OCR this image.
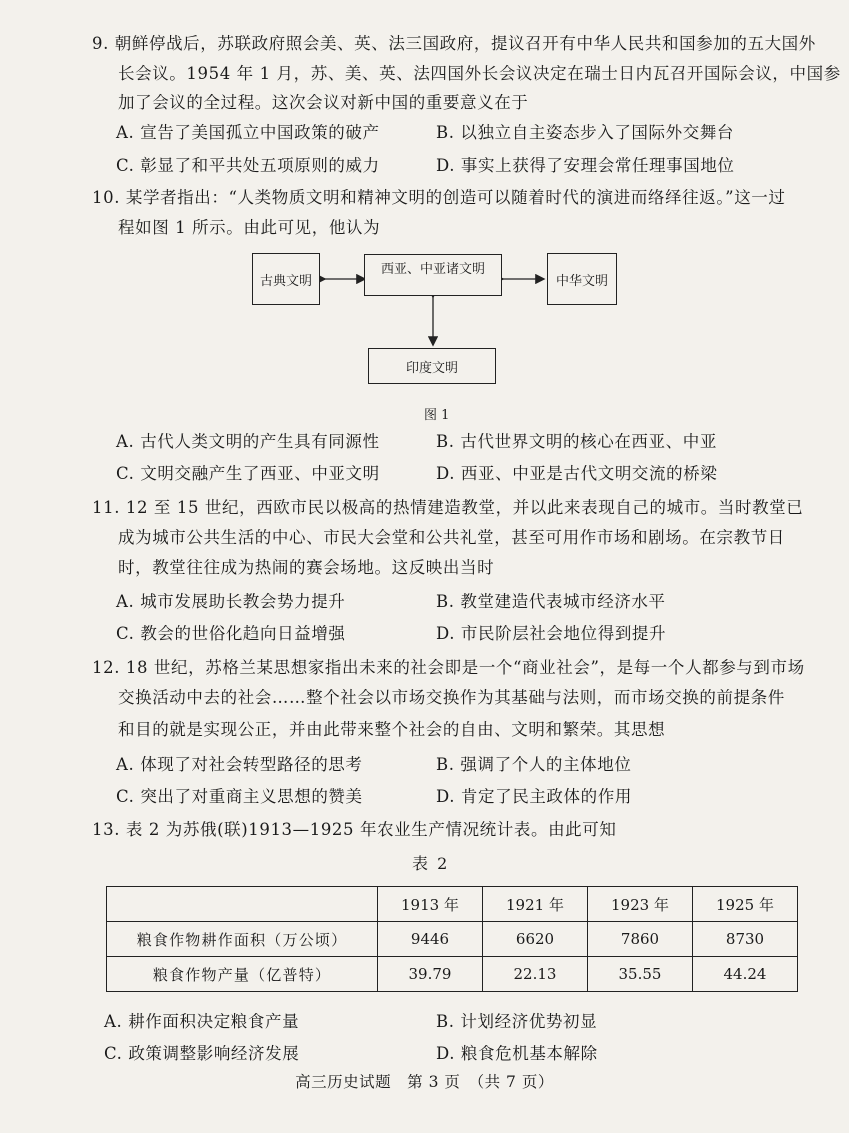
9. 朝鲜停战后，苏联政府照会美、英、法三国政府，提议召开有中华人民共和国参加的五大国外
长会议。1954 年 1 月，苏、美、英、法四国外长会议决定在瑞士日内瓦召开国际会议，中国参
加了会议的全过程。这次会议对新中国的重要意义在于
A. 宣告了美国孤立中国政策的破产	B. 以独立自主姿态步入了国际外交舞台
C. 彰显了和平共处五项原则的威力	D. 事实上获得了安理会常任理事国地位
10. 某学者指出：“人类物质文明和精神文明的创造可以随着时代的演进而络绎往返。”这一过
程如图 1 所示。由此可见，他认为
古典文明
西亚、中亚诸文明
中华文明
印度文明
图 1
A. 古代人类文明的产生具有同源性	B. 古代世界文明的核心在西亚、中亚
C. 文明交融产生了西亚、中亚文明	D. 西亚、中亚是古代文明交流的桥梁
11. 12 至 15 世纪，西欧市民以极高的热情建造教堂，并以此来表现自己的城市。当时教堂已
成为城市公共生活的中心、市民大会堂和公共礼堂，甚至可用作市场和剧场。在宗教节日
时，教堂往往成为热闹的赛会场地。这反映出当时
A. 城市发展助长教会势力提升	B. 教堂建造代表城市经济水平
C. 教会的世俗化趋向日益增强	D. 市民阶层社会地位得到提升
12. 18 世纪，苏格兰某思想家指出未来的社会即是一个“商业社会”，是每一个人都参与到市场
交换活动中去的社会……整个社会以市场交换作为其基础与法则，而市场交换的前提条件
和目的就是实现公正，并由此带来整个社会的自由、文明和繁荣。其思想
A. 体现了对社会转型路径的思考	B. 强调了个人的主体地位
C. 突出了对重商主义思想的赞美	D. 肯定了民主政体的作用
13. 表 2 为苏俄(联)1913—1925 年农业生产情况统计表。由此可知
表 2
	1913 年	1921 年	1923 年	1925 年
粮食作物耕作面积（万公顷）	9446	6620	7860	8730
粮食作物产量（亿普特）	39.79	22.13	35.55	44.24
A. 耕作面积决定粮食产量	B. 计划经济优势初显
C. 政策调整影响经济发展	D. 粮食危机基本解除
高三历史试题　第 3 页　（共 7 页）
